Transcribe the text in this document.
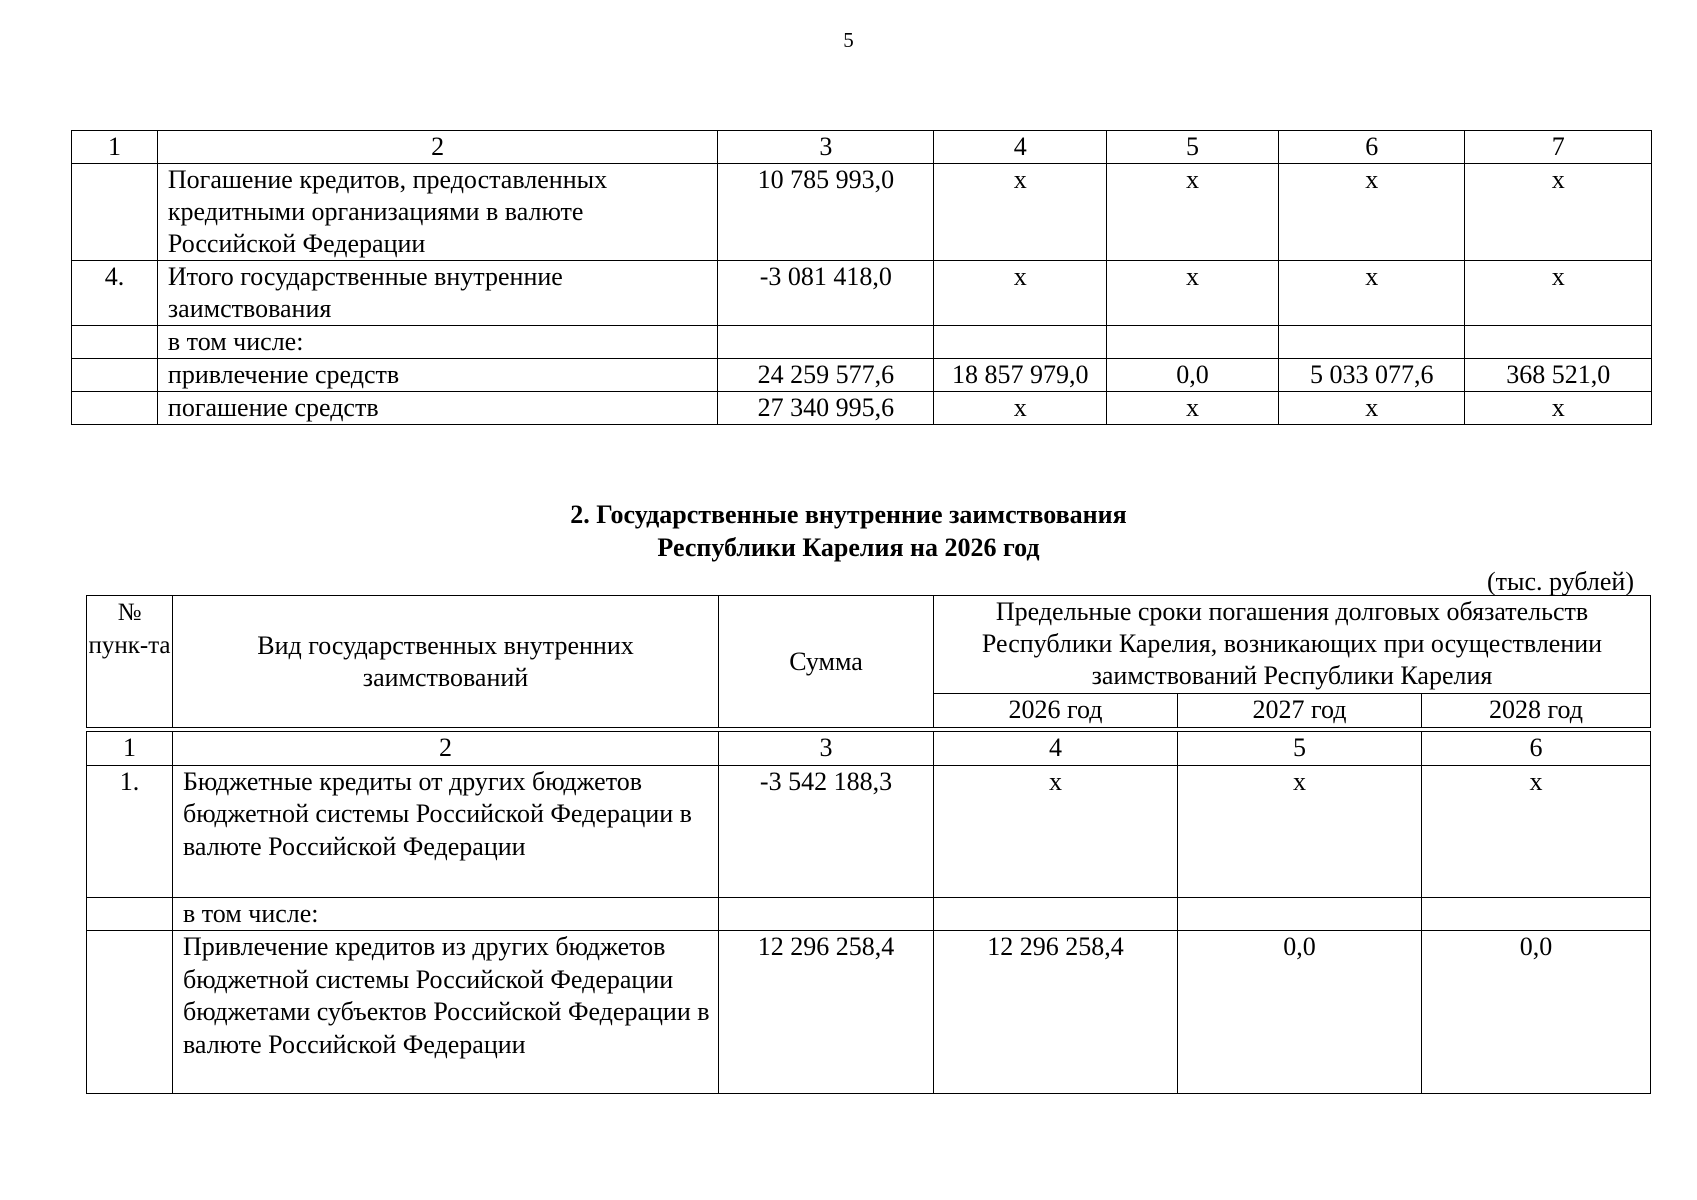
5
1	2	3	4	5	6	7
	Погашение кредитов, предоставленных кредитными организациями в валюте Российской Федерации	10 785 993,0	х	х	х	х
4.	Итого государственные внутренние заимствования	-3 081 418,0	х	х	х	х
	в том числе:					
	привлечение средств	24 259 577,6	18 857 979,0	0,0	5 033 077,6	368 521,0
	погашение средств	27 340 995,6	х	х	х	х
2. Государственные внутренние заимствования
Республики Карелия на 2026 год
(тыс. рублей)
№ пунк-та	Вид государственных внутренних заимствований	Сумма	Предельные сроки погашения долговых обязательств Республики Карелия, возникающих при осуществлении заимствований Республики Карелия		
			2026 год	2027 год	2028 год
1	2	3	4	5	6
1.	Бюджетные кредиты от других бюджетов бюджетной системы Российской Федерации в валюте Российской Федерации	-3 542 188,3	х	х	х
	в том числе:				
	Привлечение кредитов из других бюджетов бюджетной системы Российской Федерации бюджетами субъектов Российской Федерации в валюте Российской Федерации	12 296 258,4	12 296 258,4	0,0	0,0
